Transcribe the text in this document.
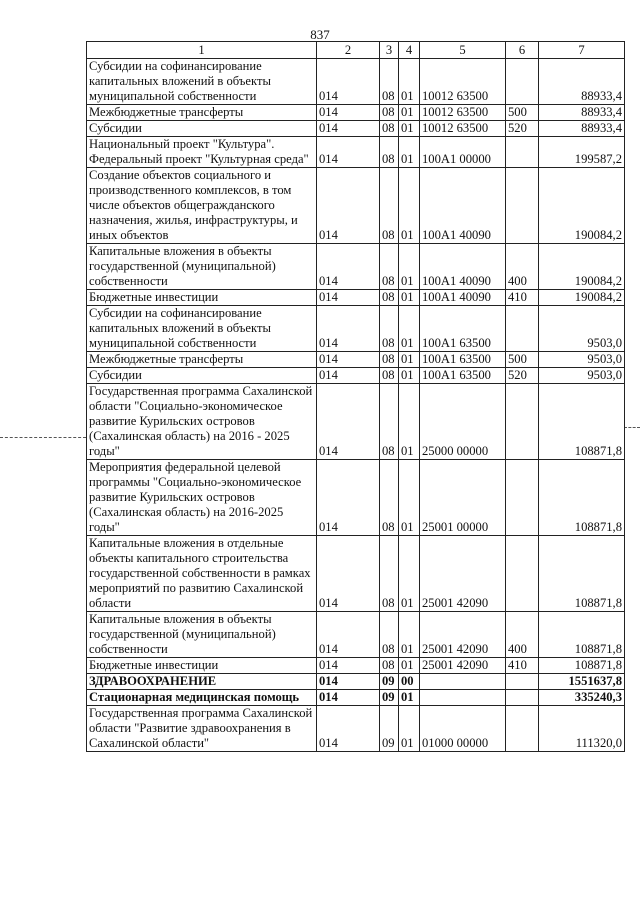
837
1	2	3	4	5	6	7
Субсидии на софинансирование капитальных вложений в объекты муниципальной собственности	014	08	01	10012 63500		88933,4
Межбюджетные трансферты	014	08	01	10012 63500	500	88933,4
Субсидии	014	08	01	10012 63500	520	88933,4
Национальный проект "Культура". Федеральный проект "Культурная среда"	014	08	01	100A1 00000		199587,2
Создание объектов социального и производственного комплексов, в том числе объектов общегражданского назначения, жилья, инфраструктуры, и иных объектов	014	08	01	100A1 40090		190084,2
Капитальные вложения в объекты государственной (муниципальной) собственности	014	08	01	100A1 40090	400	190084,2
Бюджетные инвестиции	014	08	01	100A1 40090	410	190084,2
Субсидии на софинансирование капитальных вложений в объекты муниципальной собственности	014	08	01	100A1 63500		9503,0
Межбюджетные трансферты	014	08	01	100A1 63500	500	9503,0
Субсидии	014	08	01	100A1 63500	520	9503,0
Государственная программа Сахалинской области "Социально-экономическое развитие Курильских островов (Сахалинская область) на 2016 - 2025 годы"	014	08	01	25000 00000		108871,8
Мероприятия федеральной целевой программы "Социально-экономическое развитие Курильских островов (Сахалинская область) на 2016-2025 годы"	014	08	01	25001 00000		108871,8
Капитальные вложения в отдельные объекты капитального строительства государственной собственности в рамках мероприятий по развитию Сахалинской области	014	08	01	25001 42090		108871,8
Капитальные вложения в объекты государственной (муниципальной) собственности	014	08	01	25001 42090	400	108871,8
Бюджетные инвестиции	014	08	01	25001 42090	410	108871,8
ЗДРАВООХРАНЕНИЕ	014	09	00			1551637,8
Стационарная медицинская помощь	014	09	01			335240,3
Государственная программа Сахалинской области "Развитие здравоохранения в Сахалинской области"	014	09	01	01000 00000		111320,0
